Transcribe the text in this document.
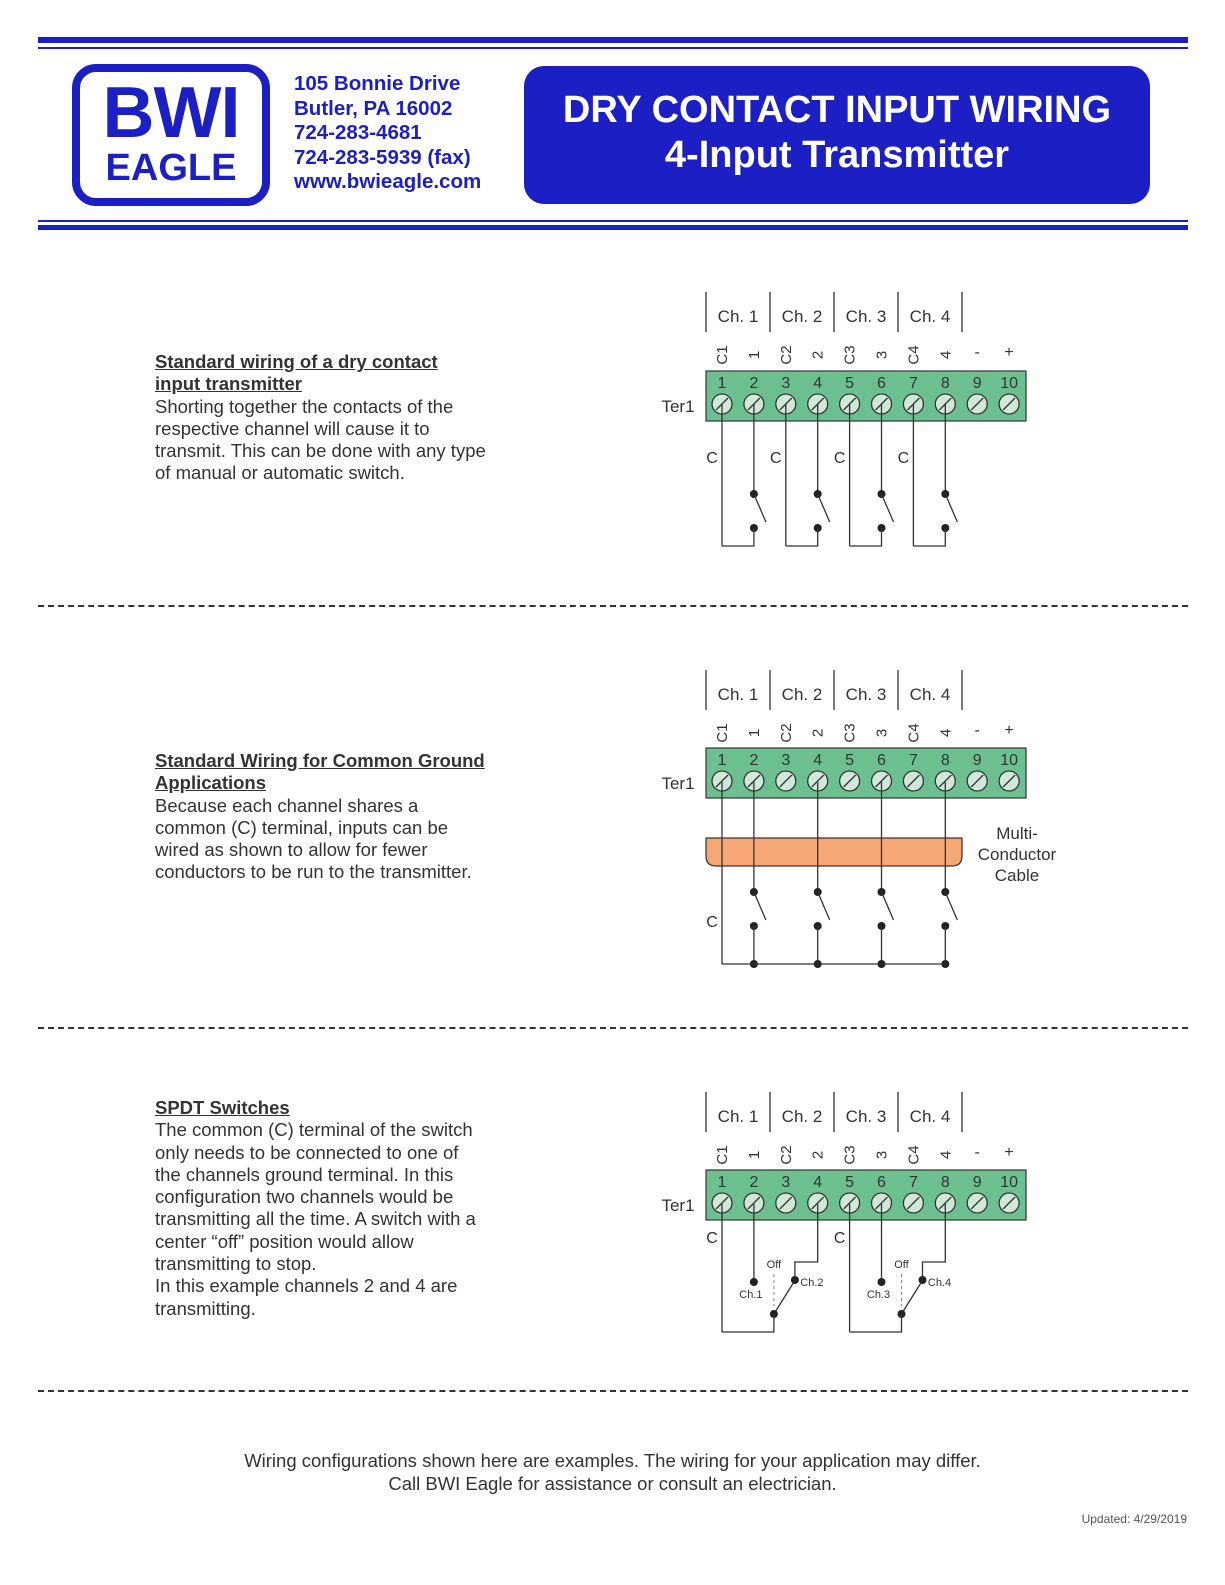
BWI
EAGLE
105 Bonnie Drive
Butler, PA 16002
724-283-4681
724-283-5939 (fax)
www.bwieagle.com
DRY CONTACT INPUT WIRING
4-Input Transmitter
Standard wiring of a dry contact
input transmitter
Shorting together the contacts of the
respective channel will cause it to
transmit. This can be done with any type
of manual or automatic switch.
Standard Wiring for Common Ground
Applications
Because each channel shares a
common (C) terminal, inputs can be
wired as shown to allow for fewer
conductors to be run to the transmitter.
SPDT Switches
The common (C) terminal of the switch
only needs to be connected to one of
the channels ground terminal. In this
configuration two channels would be
transmitting all the time. A switch with a
center “off” position would allow
transmitting to stop.
In this example channels 2 and 4 are
transmitting.
Ch. 1 Ch. 2 Ch. 3 Ch. 4
C1 1 C2 2 C3 3 C4 4 - +
1 2 3 4 5 6 7 8 9 10
Ter1
C	C	C	C
Ch. 1 Ch. 2 Ch. 3 Ch. 4
C1 1 C2 2 C3 3 C4 4 - +
1 2 3 4 5 6 7 8 9 10
Ter1
Multi-
Conductor
Cable
C
Ch. 1 Ch. 2 Ch. 3 Ch. 4
C1 1 C2 2 C3 3 C4 4 - +
1 2 3 4 5 6 7 8 9 10
Ter1
C
Ch.1
Ch.2
Off
C
Ch.3
Ch.4
Off
Wiring configurations shown here are examples. The wiring for your application may differ.
Call BWI Eagle for assistance or consult an electrician.
Updated: 4/29/2019
